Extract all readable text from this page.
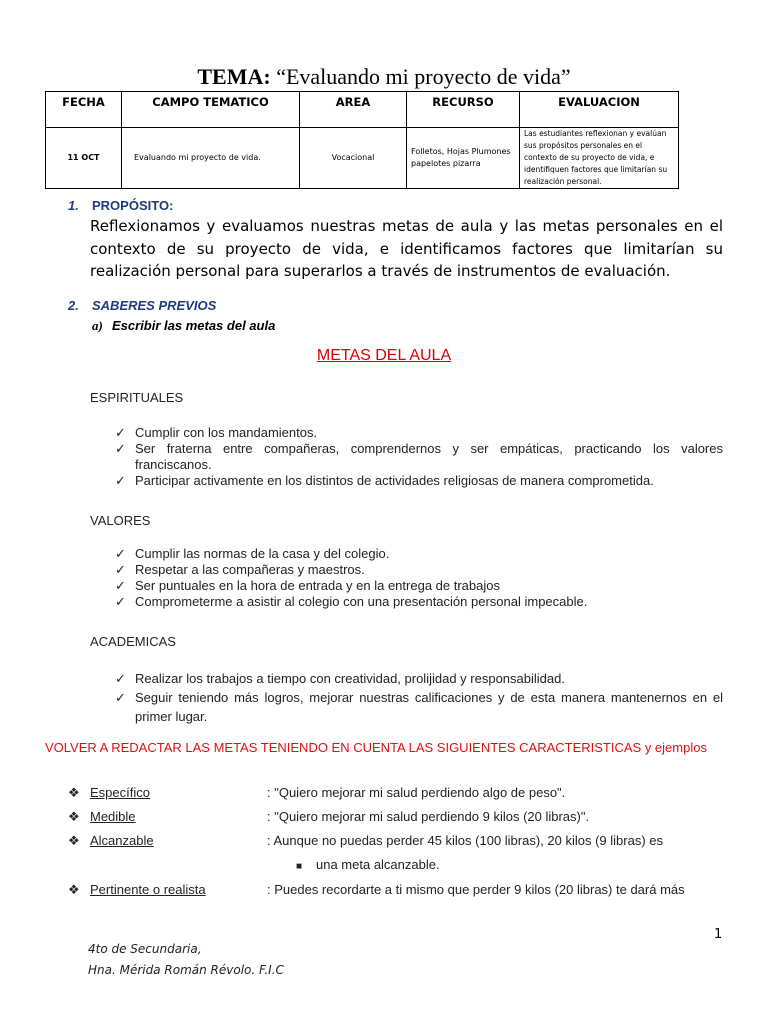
TEMA: “Evaluando mi proyecto de vida”
FECHA	CAMPO TEMATICO	AREA	RECURSO	EVALUACION
11 OCT	Evaluando mi proyecto de vida.	Vocacional	Folletos, Hojas Plumones papelotes pizarra	Las estudiantes reflexionan y evalúan sus propósitos personales en el contexto de su proyecto de vida, e identifiquen factores que limitarían su realización personal.
1. PROPÓSITO:
Reflexionamos y evaluamos nuestras metas de aula y las metas personales en el contexto de su proyecto de vida, e identificamos factores que limitarían su realización personal para superarlos a través de instrumentos de evaluación.
2. SABERES PREVIOS
a) Escribir las metas del aula
METAS DEL AULA
ESPIRITUALES
✓ Cumplir con los mandamientos.
✓ Ser fraterna entre compañeras, comprendernos y ser empáticas, practicando los valores franciscanos.
✓ Participar activamente en los distintos de actividades religiosas de manera comprometida.
VALORES
✓ Cumplir las normas de la casa y del colegio.
✓ Respetar a las compañeras y maestros.
✓ Ser puntuales en la hora de entrada y en la entrega de trabajos
✓ Comprometerme a asistir al colegio con una presentación personal impecable.
ACADEMICAS
✓ Realizar los trabajos a tiempo con creatividad, prolijidad y responsabilidad.
✓ Seguir teniendo más logros, mejorar nuestras calificaciones y de esta manera mantenernos en el primer lugar.
VOLVER A REDACTAR LAS METAS TENIENDO EN CUENTA LAS SIGUIENTES CARACTERISTICAS y ejemplos
❖ Específico	: "Quiero mejorar mi salud perdiendo algo de peso".
❖ Medible	: "Quiero mejorar mi salud perdiendo 9 kilos (20 libras)".
❖ Alcanzable	: Aunque no puedas perder 45 kilos (100 libras), 20 kilos (9 libras) es
■ una meta alcanzable.
❖ Pertinente o realista	: Puedes recordarte a ti mismo que perder 9 kilos (20 libras) te dará más
1
4to de Secundaria,
Hna. Mérida Román Révolo. F.I.C
